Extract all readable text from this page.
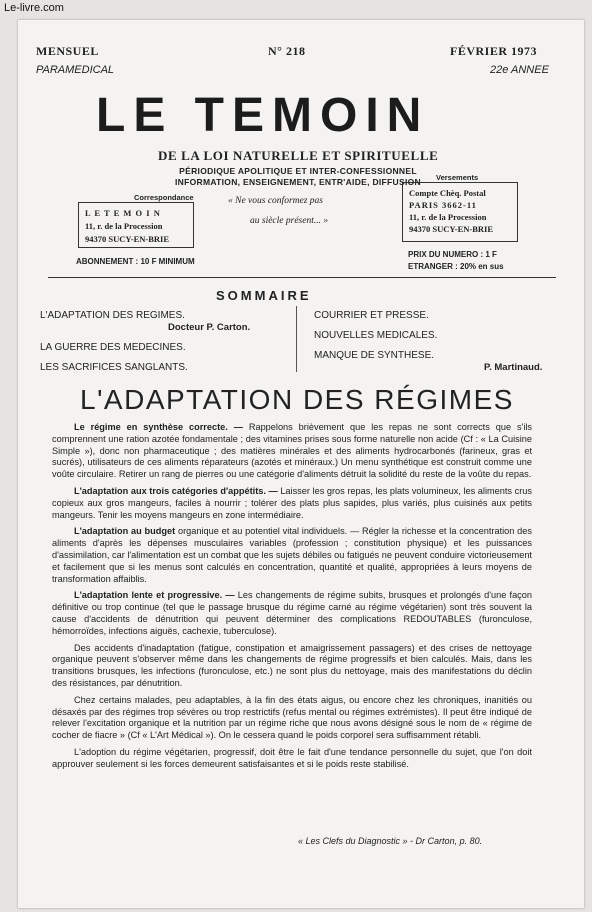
Le-livre.com
MENSUEL	N° 218	FÉVRIER 1973
PARAMEDICAL	22e ANNEE
LE TEMOIN
DE LA LOI NATURELLE ET SPIRITUELLE
PÉRIODIQUE APOLITIQUE ET INTER-CONFESSIONNEL
INFORMATION, ENSEIGNEMENT, ENTR'AIDE, DIFFUSION
Correspondance
L E T E M O I N
11, r. de la Procession
94370 SUCY-EN-BRIE
« Ne vous conformez pas
au siècle présent... »
Versements
Compte Chèq. Postal
PARIS 3662-11
11, r. de la Procession
94370 SUCY-EN-BRIE
ABONNEMENT : 10 F MINIMUM
PRIX DU NUMERO : 1 F
ETRANGER : 20% en sus
SOMMAIRE
L'ADAPTATION DES REGIMES.
Docteur P. Carton.
LA GUERRE DES MEDECINES.
LES SACRIFICES SANGLANTS.
COURRIER ET PRESSE.
NOUVELLES MEDICALES.
MANQUE DE SYNTHESE.
P. Martinaud.
L'ADAPTATION DES RÉGIMES

Le régime en synthèse correcte. — Rappelons brièvement que les repas ne sont corrects que s'ils comprennent une ration azotée fondamentale ; des vitamines prises sous forme naturelle non acide (Cf : « La Cuisine Simple »), donc non pharmaceutique ; des matières minérales et des aliments hydrocarbonés (farineux, gras et sucrés), utilisateurs de ces aliments réparateurs (azotés et minéraux.) Un menu synthétique est construit comme une voûte circulaire. Retirer un rang de pierres ou une catégorie d'aliments détruit la solidité du reste de la voûte du repas.

L'adaptation aux trois catégories d'appétits. — Laisser les gros repas, les plats volumineux, les aliments crus copieux aux gros mangeurs, faciles à nourrir ; tolérer des plats plus sapides, plus variés, plus cuisinés aux petits mangeurs. Tenir les moyens mangeurs en zone intermédiaire.

L'adaptation au budget organique et au potentiel vital individuels. — Régler la richesse et la concentration des aliments d'après les dépenses musculaires variables (profession ; constitution physique) et les puissances d'assimilation, car l'alimentation est un combat que les sujets débiles ou fatigués ne peuvent conduire victorieusement et facilement que si les menus sont calculés en concentration, quantité et qualité, appropriées à leurs moyens de transformation affaiblis.

L'adaptation lente et progressive. — Les changements de régime subits, brusques et prolongés d'une façon définitive ou trop continue (tel que le passage brusque du régime carné au régime végétarien) sont très souvent la cause d'accidents de dénutrition qui peuvent déterminer des complications REDOUTABLES (furonculose, hémorroïdes, infections aiguës, cachexie, tuberculose).

Des accidents d'inadaptation (fatigue, constipation et amaigrissement passagers) et des crises de nettoyage organique peuvent s'observer même dans les changements de régime progressifs et bien calculés. Mais, dans les transitions brusques, les infections (furonculose, etc.) ne sont plus du nettoyage, mais des manifestations du déclin des résistances, par dénutrition.

Chez certains malades, peu adaptables, à la fin des états aigus, ou encore chez les chroniques, inanitiés ou désaxés par des régimes trop sévères ou trop restrictifs (refus mental ou régimes extrémistes). Il peut être indiqué de relever l'excitation organique et la nutrition par un régime riche que nous avons désigné sous le nom de « régime de cocher de fiacre » (Cf « L'Art Médical »). On le cessera quand le poids corporel sera suffisamment rétabli.

L'adoption du régime végétarien, progressif, doit être le fait d'une tendance personnelle du sujet, que l'on doit approuver seulement si les forces demeurent satisfaisantes et si le poids reste stabilisé.

« Les Clefs du Diagnostic » - Dr Carton, p. 80.
